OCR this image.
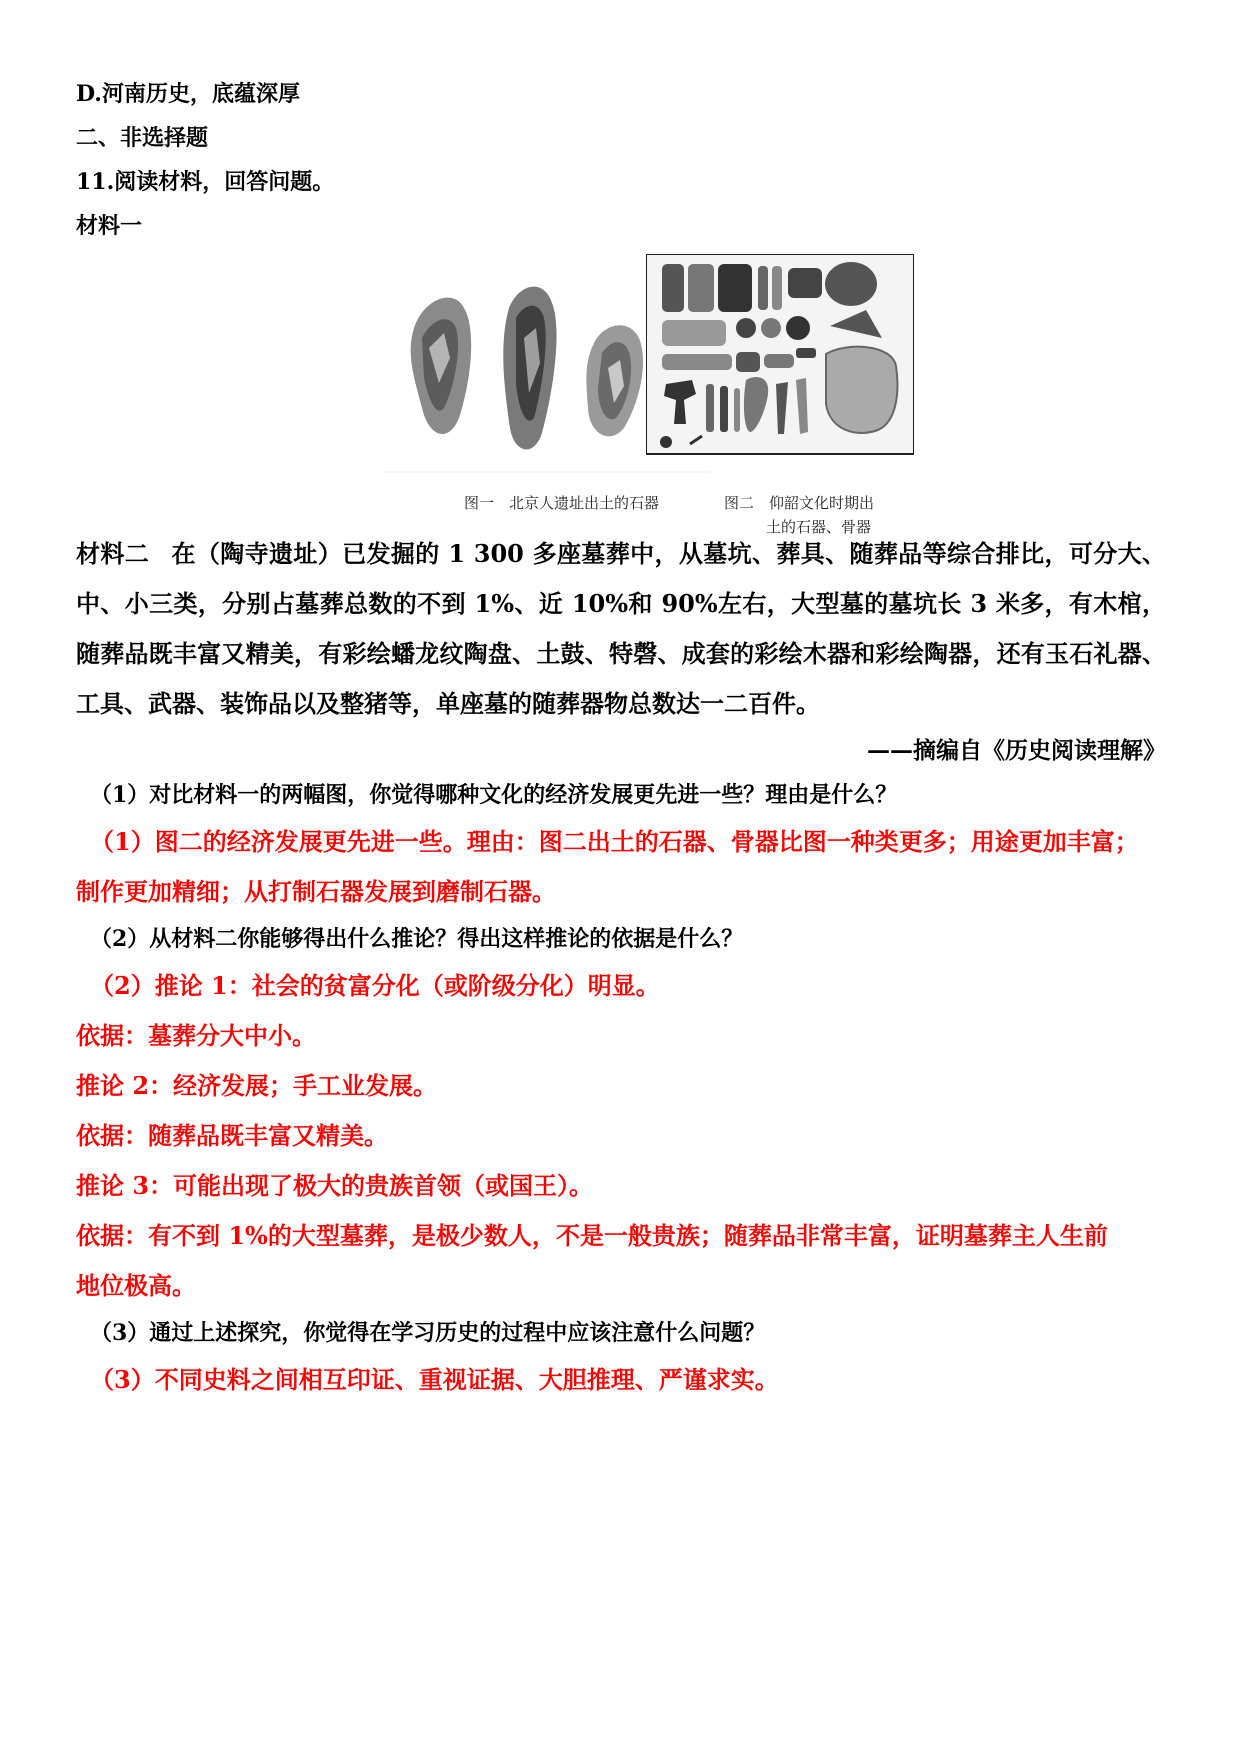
D.河南历史，底蕴深厚

二、非选择题

11.阅读材料，回答问题。

材料一

图一　北京人遗址出土的石器	图二　仰韶文化时期出
土的石器、骨器

材料二 在（陶寺遗址）已发掘的 1 300 多座墓葬中，从墓坑、葬具、随葬品等综合排比，可分大、中、小三类，分别占墓葬总数的不到 1%、近 10%和 90%左右，大型墓的墓坑长 3 米多，有木棺，随葬品既丰富又精美，有彩绘蟠龙纹陶盘、土鼓、特磬、成套的彩绘木器和彩绘陶器，还有玉石礼器、工具、武器、装饰品以及整猪等，单座墓的随葬器物总数达一二百件。

——摘编自《历史阅读理解》

（1）对比材料一的两幅图，你觉得哪种文化的经济发展更先进一些？理由是什么？

（1）图二的经济发展更先进一些。理由：图二出土的石器、骨器比图一种类更多；用途更加丰富；

制作更加精细；从打制石器发展到磨制石器。

（2）从材料二你能够得出什么推论？得出这样推论的依据是什么？

（2）推论 1：社会的贫富分化（或阶级分化）明显。

依据：墓葬分大中小。

推论 2：经济发展；手工业发展。

依据：随葬品既丰富又精美。

推论 3：可能出现了极大的贵族首领（或国王）。

依据：有不到 1%的大型墓葬，是极少数人，不是一般贵族；随葬品非常丰富，证明墓葬主人生前

地位极高。

（3）通过上述探究，你觉得在学习历史的过程中应该注意什么问题？

（3）不同史料之间相互印证、重视证据、大胆推理、严谨求实。
